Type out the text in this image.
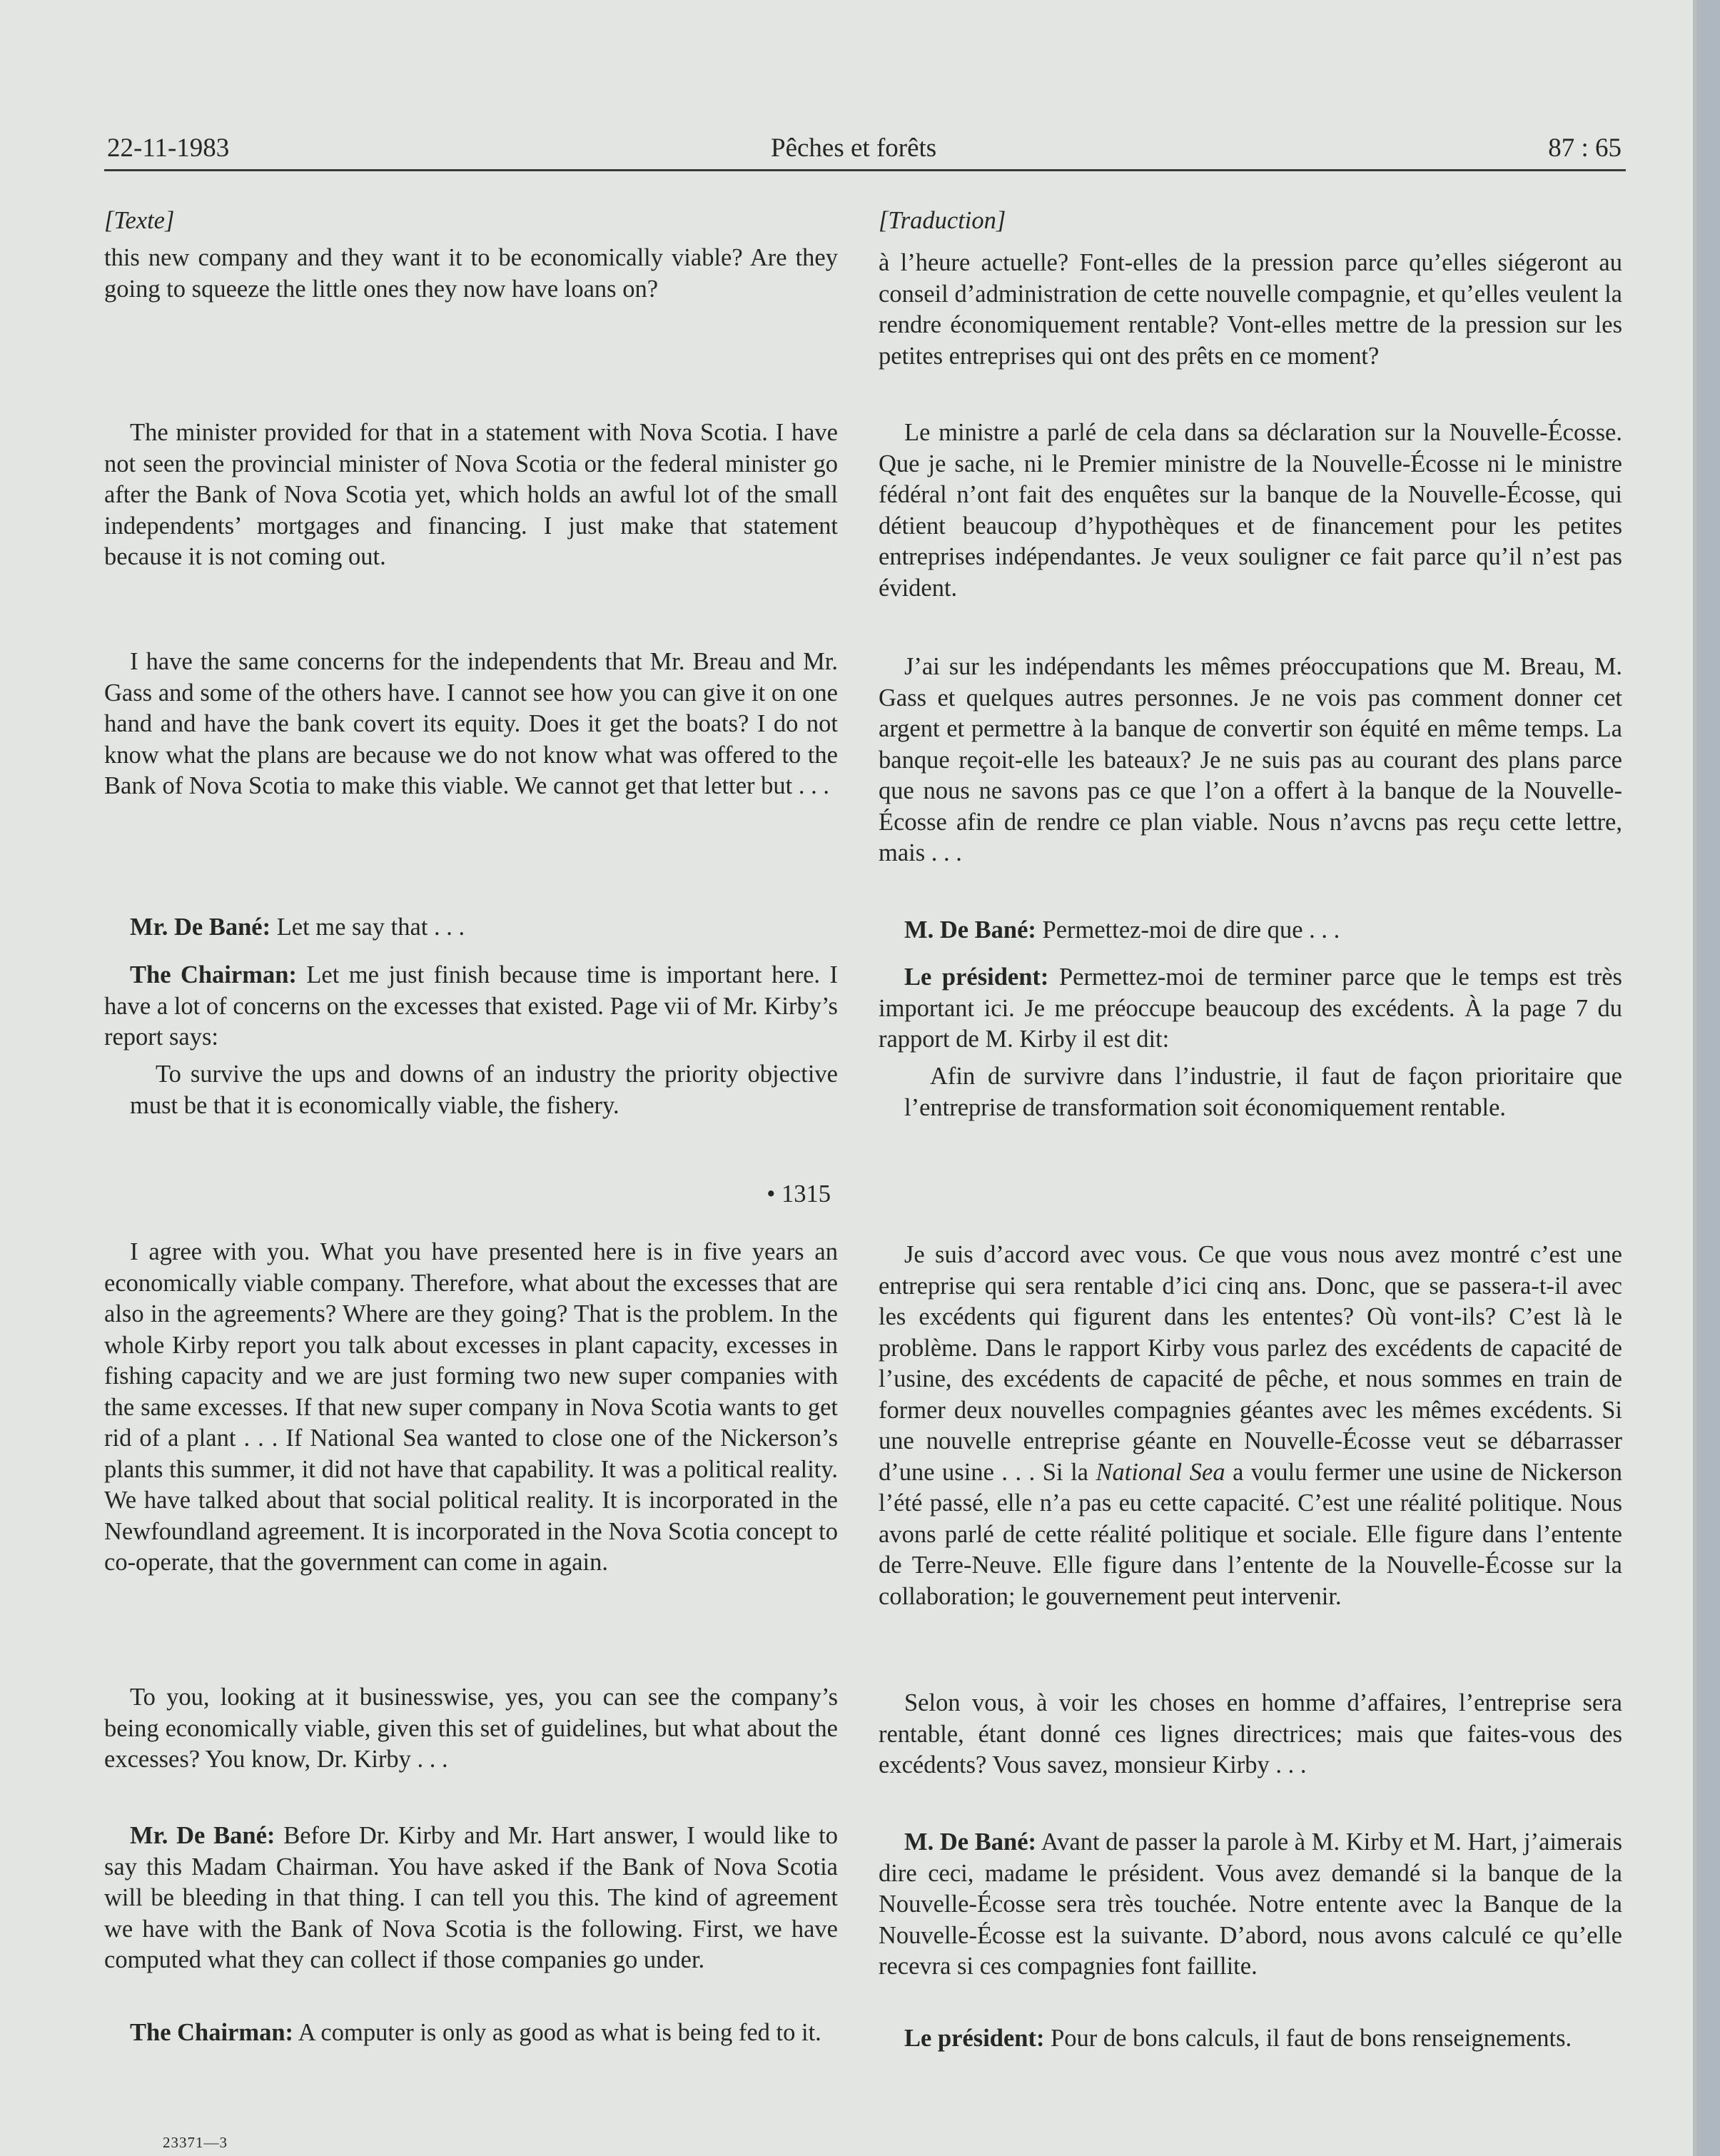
22-11-1983	Pêches et forêts	87 : 65

[Texte]

this new company and they want it to be economically viable? Are they going to squeeze the little ones they now have loans on?

The minister provided for that in a statement with Nova Scotia. I have not seen the provincial minister of Nova Scotia or the federal minister go after the Bank of Nova Scotia yet, which holds an awful lot of the small independents’ mortgages and financing. I just make that statement because it is not coming out.

I have the same concerns for the independents that Mr. Breau and Mr. Gass and some of the others have. I cannot see how you can give it on one hand and have the bank covert its equity. Does it get the boats? I do not know what the plans are because we do not know what was offered to the Bank of Nova Scotia to make this viable. We cannot get that letter but . . .

Mr. De Bané: Let me say that . . .

The Chairman: Let me just finish because time is important here. I have a lot of concerns on the excesses that existed. Page vii of Mr. Kirby’s report says:

To survive the ups and downs of an industry the priority objective must be that it is economically viable, the fishery.

• 1315

I agree with you. What you have presented here is in five years an economically viable company. Therefore, what about the excesses that are also in the agreements? Where are they going? That is the problem. In the whole Kirby report you talk about excesses in plant capacity, excesses in fishing capacity and we are just forming two new super companies with the same excesses. If that new super company in Nova Scotia wants to get rid of a plant . . . If National Sea wanted to close one of the Nickerson’s plants this summer, it did not have that capability. It was a political reality. We have talked about that social political reality. It is incorporated in the Newfoundland agreement. It is incorporated in the Nova Scotia concept to co-operate, that the government can come in again.

To you, looking at it businesswise, yes, you can see the company’s being economically viable, given this set of guidelines, but what about the excesses? You know, Dr. Kirby . . .

Mr. De Bané: Before Dr. Kirby and Mr. Hart answer, I would like to say this Madam Chairman. You have asked if the Bank of Nova Scotia will be bleeding in that thing. I can tell you this. The kind of agreement we have with the Bank of Nova Scotia is the following. First, we have computed what they can collect if those companies go under.

The Chairman: A computer is only as good as what is being fed to it.

[Traduction]

à l’heure actuelle? Font-elles de la pression parce qu’elles siégeront au conseil d’administration de cette nouvelle compagnie, et qu’elles veulent la rendre économiquement rentable? Vont-elles mettre de la pression sur les petites entreprises qui ont des prêts en ce moment?

Le ministre a parlé de cela dans sa déclaration sur la Nouvelle-Écosse. Que je sache, ni le Premier ministre de la Nouvelle-Écosse ni le ministre fédéral n’ont fait des enquêtes sur la banque de la Nouvelle-Écosse, qui détient beaucoup d’hypothèques et de financement pour les petites entreprises indépendantes. Je veux souligner ce fait parce qu’il n’est pas évident.

J’ai sur les indépendants les mêmes préoccupations que M. Breau, M. Gass et quelques autres personnes. Je ne vois pas comment donner cet argent et permettre à la banque de convertir son équité en même temps. La banque reçoit-elle les bateaux? Je ne suis pas au courant des plans parce que nous ne savons pas ce que l’on a offert à la banque de la Nouvelle-Écosse afin de rendre ce plan viable. Nous n’avcns pas reçu cette lettre, mais . . .

M. De Bané: Permettez-moi de dire que . . .

Le président: Permettez-moi de terminer parce que le temps est très important ici. Je me préoccupe beaucoup des excédents. À la page 7 du rapport de M. Kirby il est dit:

Afin de survivre dans l’industrie, il faut de façon prioritaire que l’entreprise de transformation soit économiquement rentable.

Je suis d’accord avec vous. Ce que vous nous avez montré c’est une entreprise qui sera rentable d’ici cinq ans. Donc, que se passera-t-il avec les excédents qui figurent dans les ententes? Où vont-ils? C’est là le problème. Dans le rapport Kirby vous parlez des excédents de capacité de l’usine, des excédents de capacité de pêche, et nous sommes en train de former deux nouvelles compagnies géantes avec les mêmes excédents. Si une nouvelle entreprise géante en Nouvelle-Écosse veut se débarrasser d’une usine . . . Si la National Sea a voulu fermer une usine de Nickerson l’été passé, elle n’a pas eu cette capacité. C’est une réalité politique. Nous avons parlé de cette réalité politique et sociale. Elle figure dans l’entente de Terre-Neuve. Elle figure dans l’entente de la Nouvelle-Écosse sur la collaboration; le gouvernement peut intervenir.

Selon vous, à voir les choses en homme d’affaires, l’entreprise sera rentable, étant donné ces lignes directrices; mais que faites-vous des excédents? Vous savez, monsieur Kirby . . .

M. De Bané: Avant de passer la parole à M. Kirby et M. Hart, j’aimerais dire ceci, madame le président. Vous avez demandé si la banque de la Nouvelle-Écosse sera très touchée. Notre entente avec la Banque de la Nouvelle-Écosse est la suivante. D’abord, nous avons calculé ce qu’elle recevra si ces compagnies font faillite.

Le président: Pour de bons calculs, il faut de bons renseignements.

23371—3
